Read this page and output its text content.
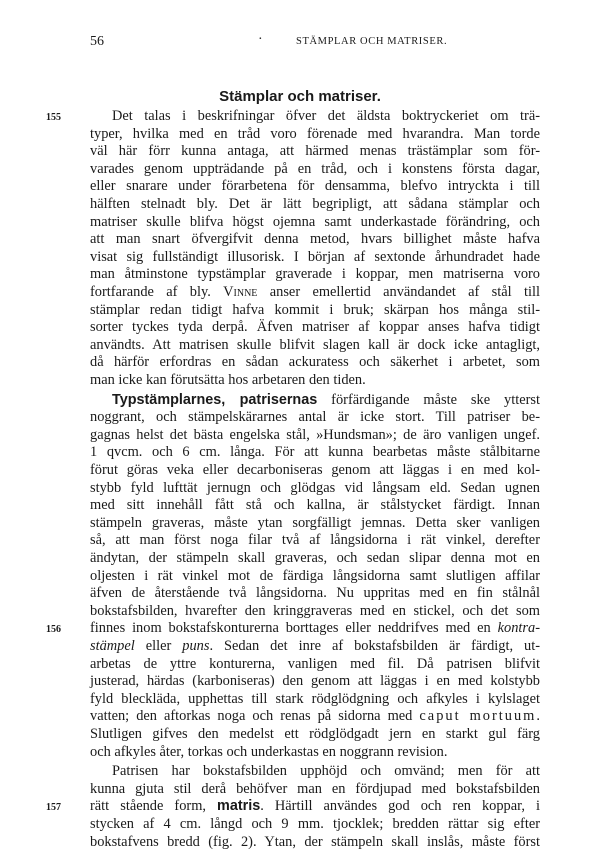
56	·	STÄMPLAR OCH MATRISER.
Stämplar och matriser.
155
156
157
Det talas i beskrifningar öfver det äldsta boktryckeriet om trä-
typer, hvilka med en tråd voro förenade med hvarandra. Man torde
väl här förr kunna antaga, att härmed menas trästämplar som för-
varades genom uppträdande på en tråd, och i konstens första dagar,
eller snarare under förarbetena för densamma, blefvo intryckta i till
hälften stelnadt bly. Det är lätt begripligt, att sådana stämplar och
matriser skulle blifva högst ojemna samt underkastade förändring, och
att man snart öfvergifvit denna metod, hvars billighet måste hafva
visat sig fullständigt illusorisk. I början af sextonde århundradet hade
man åtminstone typstämplar graverade i koppar, men matriserna voro
fortfarande af bly. Vinne anser emellertid användandet af stål till
stämplar redan tidigt hafva kommit i bruk; skärpan hos många stil-
sorter tyckes tyda derpå. Äfven matriser af koppar anses hafva tidigt
användts. Att matrisen skulle blifvit slagen kall är dock icke antagligt,
då härför erfordras en sådan ackuratess och säkerhet i arbetet, som
man icke kan förutsätta hos arbetaren den tiden.
Typstämplarnes, patrisernas förfärdigande måste ske ytterst
noggrant, och stämpelskärarnes antal är icke stort. Till patriser be-
gagnas helst det bästa engelska stål, »Hundsman»; de äro vanligen ungef.
1 qvcm. och 6 cm. långa. För att kunna bearbetas måste stålbitarne
förut göras veka eller decarboniseras genom att läggas i en med kol-
stybb fyld lufttät jernugn och glödgas vid långsam eld. Sedan ugnen
med sitt innehåll fått stå och kallna, är stålstycket färdigt. Innan
stämpeln graveras, måste ytan sorgfälligt jemnas. Detta sker vanligen
så, att man först noga filar två af långsidorna i rät vinkel, derefter
ändytan, der stämpeln skall graveras, och sedan slipar denna mot en
oljesten i rät vinkel mot de färdiga långsidorna samt slutligen affilar
äfven de återstående två långsidorna. Nu uppritas med en fin stålnål
bokstafsbilden, hvarefter den kringgraveras med en stickel, och det som
finnes inom bokstafskonturerna borttages eller neddrifves med en kontra-
stämpel eller puns. Sedan det inre af bokstafsbilden är färdigt, ut-
arbetas de yttre konturerna, vanligen med fil. Då patrisen blifvit
justerad, härdas (karboniseras) den genom att läggas i en med kolstybb
fyld bleckläda, upphettas till stark rödglödgning och afkyles i kylslaget
vatten; den aftorkas noga och renas på sidorna med caput mortuum.
Slutligen gifves den medelst ett rödglödgadt jern en starkt gul färg
och afkyles åter, torkas och underkastas en noggrann revision.
Patrisen har bokstafsbilden upphöjd och omvänd; men för att
kunna gjuta stil derå behöfver man en fördjupad med bokstafsbilden
rätt stående form, matris. Härtill användes god och ren koppar, i
stycken af 4 cm. långd och 9 mm. tjocklek; bredden rättar sig efter
bokstafvens bredd (fig. 2). Ytan, der stämpeln skall inslås, måste först
